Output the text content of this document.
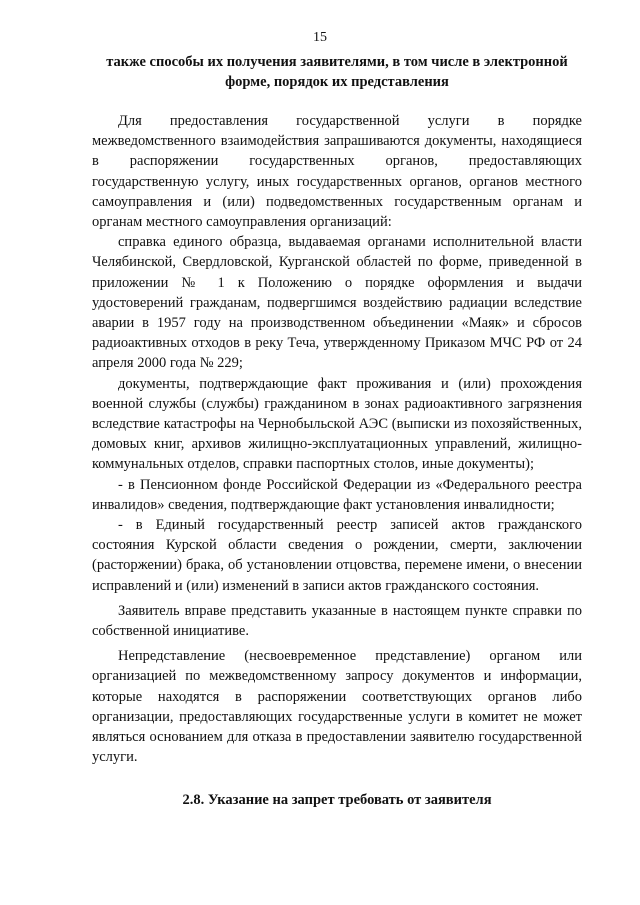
15

также способы их получения заявителями, в том числе в электронной форме, порядок их представления

Для предоставления государственной услуги в порядке межведомственного взаимодействия запрашиваются документы, находящиеся в распоряжении государственных органов, предоставляющих государственную услугу, иных государственных органов, органов местного самоуправления и (или) подведомственных государственным органам и органам местного самоуправления организаций:

справка единого образца, выдаваемая органами исполнительной власти Челябинской, Свердловской, Курганской областей по форме, приведенной в приложении № 1 к Положению о порядке оформления и выдачи удостоверений гражданам, подвергшимся воздействию радиации вследствие аварии в 1957 году на производственном объединении «Маяк» и сбросов радиоактивных отходов в реку Теча, утвержденному Приказом МЧС РФ от 24 апреля 2000 года № 229;

документы, подтверждающие факт проживания и (или) прохождения военной службы (службы) гражданином в зонах радиоактивного загрязнения вследствие катастрофы на Чернобыльской АЭС (выписки из похозяйственных, домовых книг, архивов жилищно-эксплуатационных управлений, жилищно-коммунальных отделов, справки паспортных столов, иные документы);

- в Пенсионном фонде Российской Федерации из «Федерального реестра инвалидов» сведения, подтверждающие факт установления инвалидности;

- в Единый государственный реестр записей актов гражданского состояния Курской области сведения о рождении, смерти, заключении (расторжении) брака, об установлении отцовства, перемене имени, о внесении исправлений и (или) изменений в записи актов гражданского состояния.

Заявитель вправе представить указанные в настоящем пункте справки по собственной инициативе.

Непредставление (несвоевременное представление) органом или организацией по межведомственному запросу документов и информации, которые находятся в распоряжении соответствующих органов либо организации, предоставляющих государственные услуги в комитет не может являться основанием для отказа в предоставлении заявителю государственной услуги.

2.8. Указание на запрет требовать от заявителя
